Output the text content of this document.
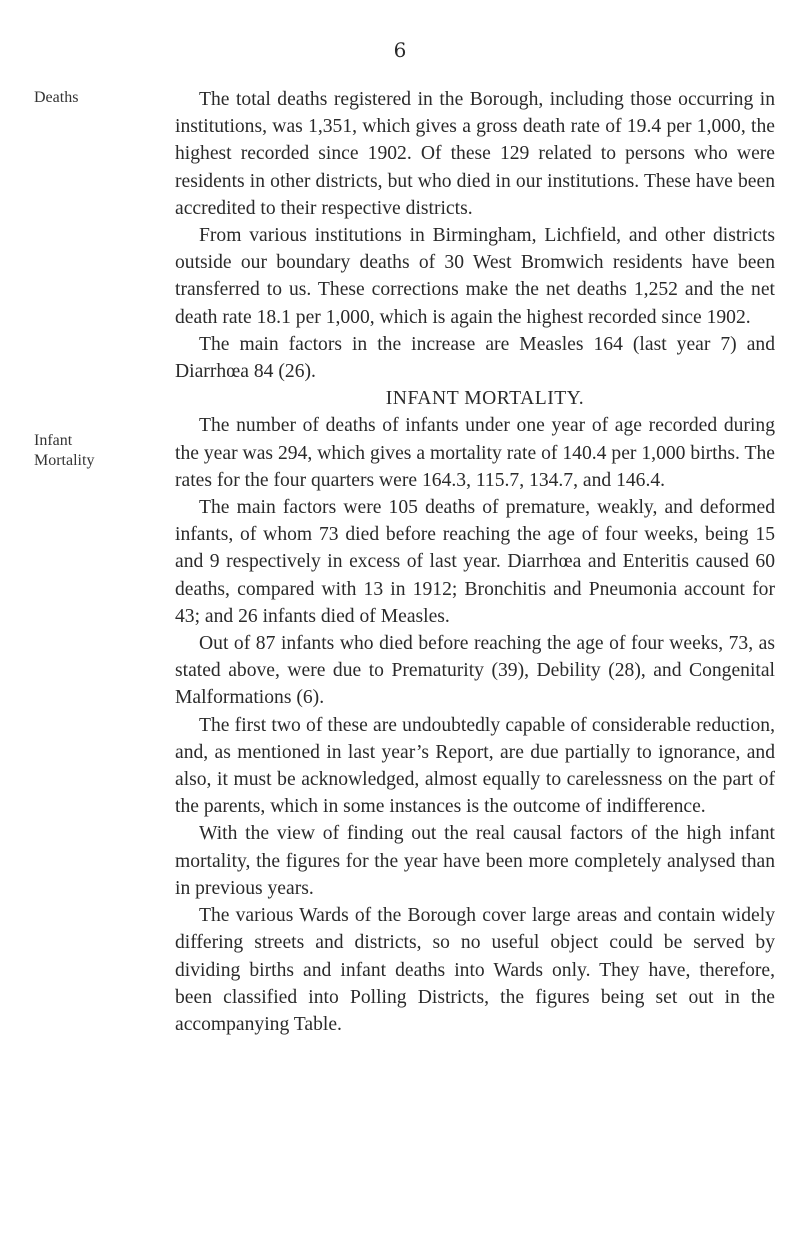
6
Deaths
Infant
Mortality

The total deaths registered in the Borough, including those occurring in institutions, was 1,351, which gives a gross death rate of 19.4 per 1,000, the highest recorded since 1902. Of these 129 related to persons who were residents in other districts, but who died in our institutions. These have been accredited to their respective districts.

From various institutions in Birmingham, Lichfield, and other districts outside our boundary deaths of 30 West Bromwich residents have been transferred to us. These corrections make the net deaths 1,252 and the net death rate 18.1 per 1,000, which is again the highest recorded since 1902.

The main factors in the increase are Measles 164 (last year 7) and Diarrhœa 84 (26).

INFANT MORTALITY.

The number of deaths of infants under one year of age recorded during the year was 294, which gives a mortality rate of 140.4 per 1,000 births. The rates for the four quarters were 164.3, 115.7, 134.7, and 146.4.

The main factors were 105 deaths of premature, weakly, and deformed infants, of whom 73 died before reaching the age of four weeks, being 15 and 9 respectively in excess of last year. Diarrhœa and Enteritis caused 60 deaths, compared with 13 in 1912; Bronchitis and Pneumonia account for 43; and 26 infants died of Measles.

Out of 87 infants who died before reaching the age of four weeks, 73, as stated above, were due to Prematurity (39), Debility (28), and Congenital Malformations (6).

The first two of these are undoubtedly capable of considerable reduction, and, as mentioned in last year’s Report, are due partially to ignorance, and also, it must be acknowledged, almost equally to carelessness on the part of the parents, which in some instances is the outcome of indifference.

With the view of finding out the real causal factors of the high infant mortality, the figures for the year have been more completely analysed than in previous years.

The various Wards of the Borough cover large areas and contain widely differing streets and districts, so no useful object could be served by dividing births and infant deaths into Wards only. They have, therefore, been classified into Polling Districts, the figures being set out in the accompanying Table.
